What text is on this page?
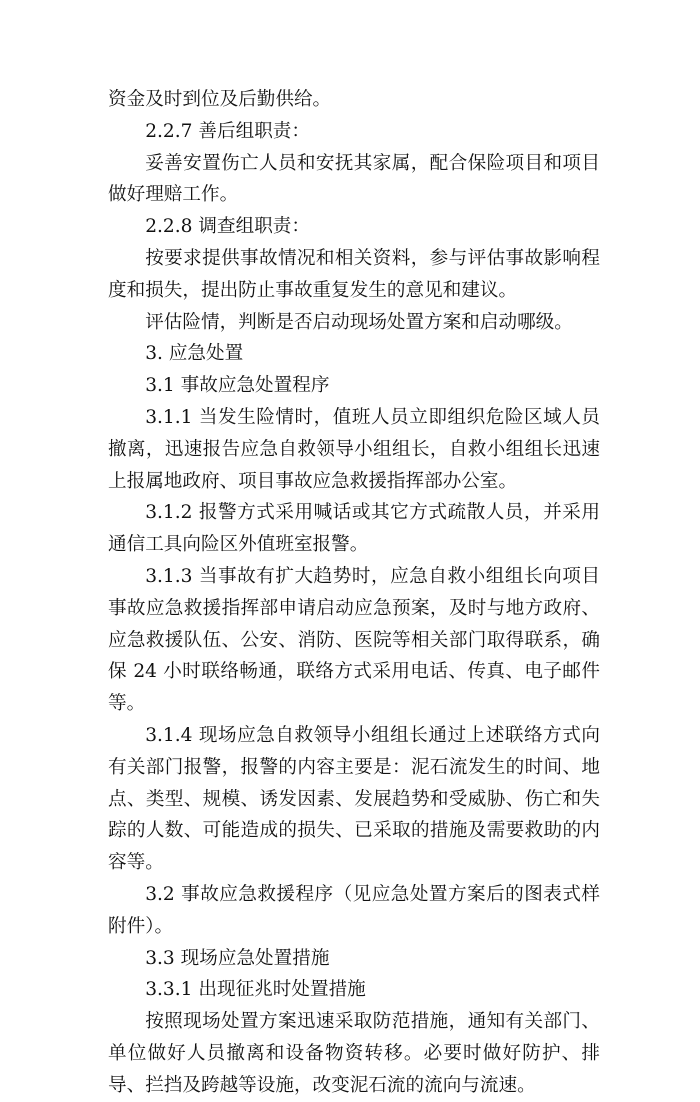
资金及时到位及后勤供给。

2.2.7 善后组职责：

妥善安置伤亡人员和安抚其家属，配合保险项目和项目做好理赔工作。

2.2.8 调查组职责：

按要求提供事故情况和相关资料，参与评估事故影响程度和损失，提出防止事故重复发生的意见和建议。

评估险情，判断是否启动现场处置方案和启动哪级。

3. 应急处置

3.1 事故应急处置程序

3.1.1 当发生险情时，值班人员立即组织危险区域人员撤离，迅速报告应急自救领导小组组长，自救小组组长迅速上报属地政府、项目事故应急救援指挥部办公室。

3.1.2 报警方式采用喊话或其它方式疏散人员，并采用通信工具向险区外值班室报警。

3.1.3 当事故有扩大趋势时，应急自救小组组长向项目事故应急救援指挥部申请启动应急预案，及时与地方政府、应急救援队伍、公安、消防、医院等相关部门取得联系，确保 24 小时联络畅通，联络方式采用电话、传真、电子邮件等。

3.1.4 现场应急自救领导小组组长通过上述联络方式向有关部门报警，报警的内容主要是：泥石流发生的时间、地点、类型、规模、诱发因素、发展趋势和受威胁、伤亡和失踪的人数、可能造成的损失、已采取的措施及需要救助的内容等。

3.2 事故应急救援程序（见应急处置方案后的图表式样附件）。

3.3 现场应急处置措施

3.3.1 出现征兆时处置措施

按照现场处置方案迅速采取防范措施，通知有关部门、单位做好人员撤离和设备物资转移。必要时做好防护、排导、拦挡及跨越等设施，改变泥石流的流向与流速。
